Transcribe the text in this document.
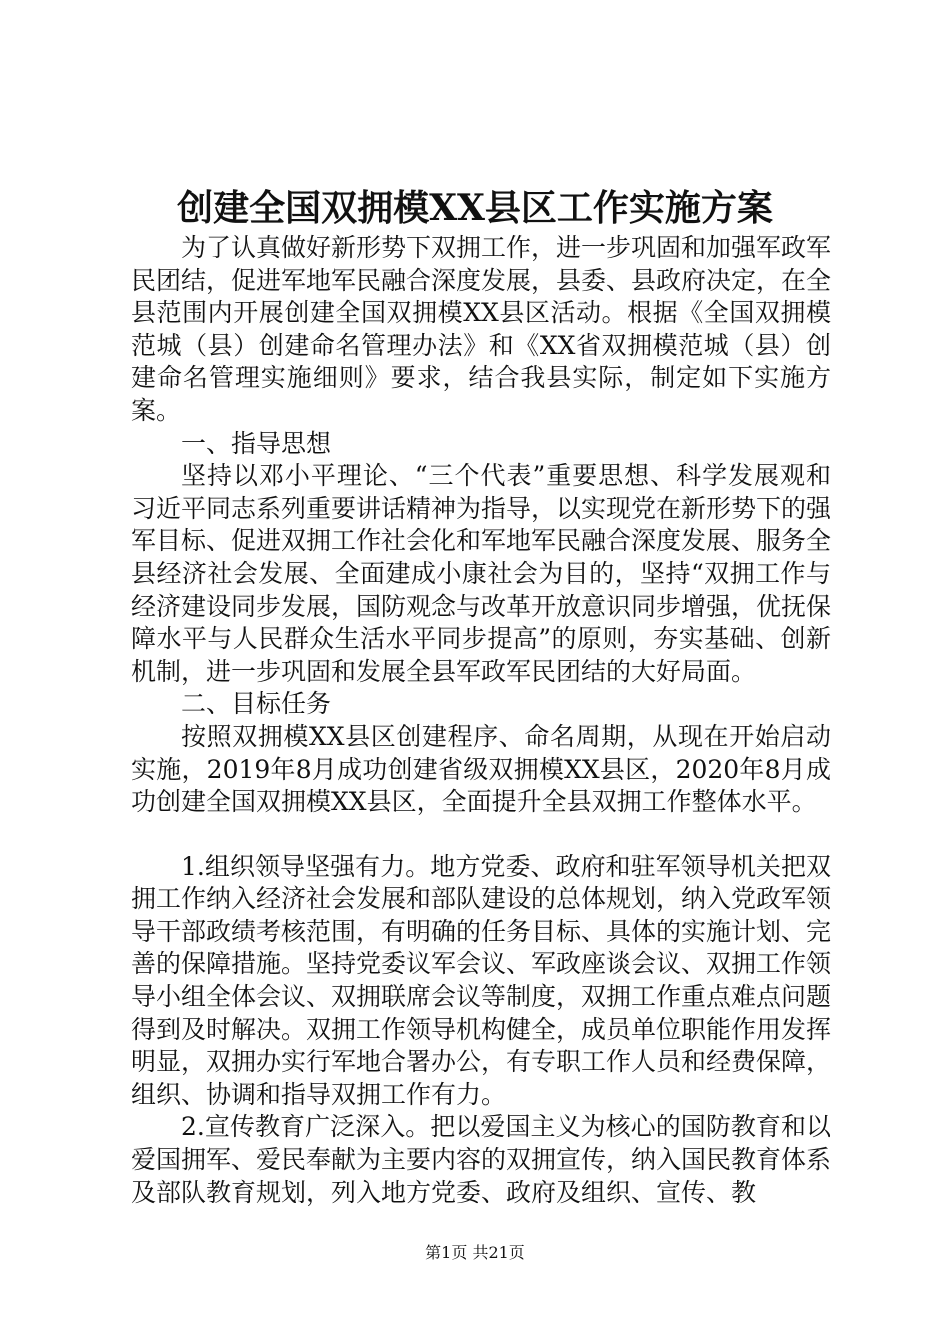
创建全国双拥模XX县区工作实施方案

为了认真做好新形势下双拥工作，进一步巩固和加强军政军民团结，促进军地军民融合深度发展，县委、县政府决定，在全县范围内开展创建全国双拥模XX县区活动。根据《全国双拥模范城（县）创建命名管理办法》和《XX省双拥模范城（县）创建命名管理实施细则》要求，结合我县实际，制定如下实施方案。

一、指导思想

坚持以邓小平理论、“三个代表”重要思想、科学发展观和习近平同志系列重要讲话精神为指导，以实现党在新形势下的强军目标、促进双拥工作社会化和军地军民融合深度发展、服务全县经济社会发展、全面建成小康社会为目的，坚持“双拥工作与经济建设同步发展，国防观念与改革开放意识同步增强，优抚保障水平与人民群众生活水平同步提高”的原则，夯实基础、创新机制，进一步巩固和发展全县军政军民团结的大好局面。

二、目标任务

按照双拥模XX县区创建程序、命名周期，从现在开始启动实施，2019年8月成功创建省级双拥模XX县区，2020年8月成功创建全国双拥模XX县区，全面提升全县双拥工作整体水平。

1.组织领导坚强有力。地方党委、政府和驻军领导机关把双拥工作纳入经济社会发展和部队建设的总体规划，纳入党政军领导干部政绩考核范围，有明确的任务目标、具体的实施计划、完善的保障措施。坚持党委议军会议、军政座谈会议、双拥工作领导小组全体会议、双拥联席会议等制度，双拥工作重点难点问题得到及时解决。双拥工作领导机构健全，成员单位职能作用发挥明显，双拥办实行军地合署办公，有专职工作人员和经费保障，组织、协调和指导双拥工作有力。

2.宣传教育广泛深入。把以爱国主义为核心的国防教育和以爱国拥军、爱民奉献为主要内容的双拥宣传，纳入国民教育体系及部队教育规划，列入地方党委、政府及组织、宣传、教

第1页 共21页
